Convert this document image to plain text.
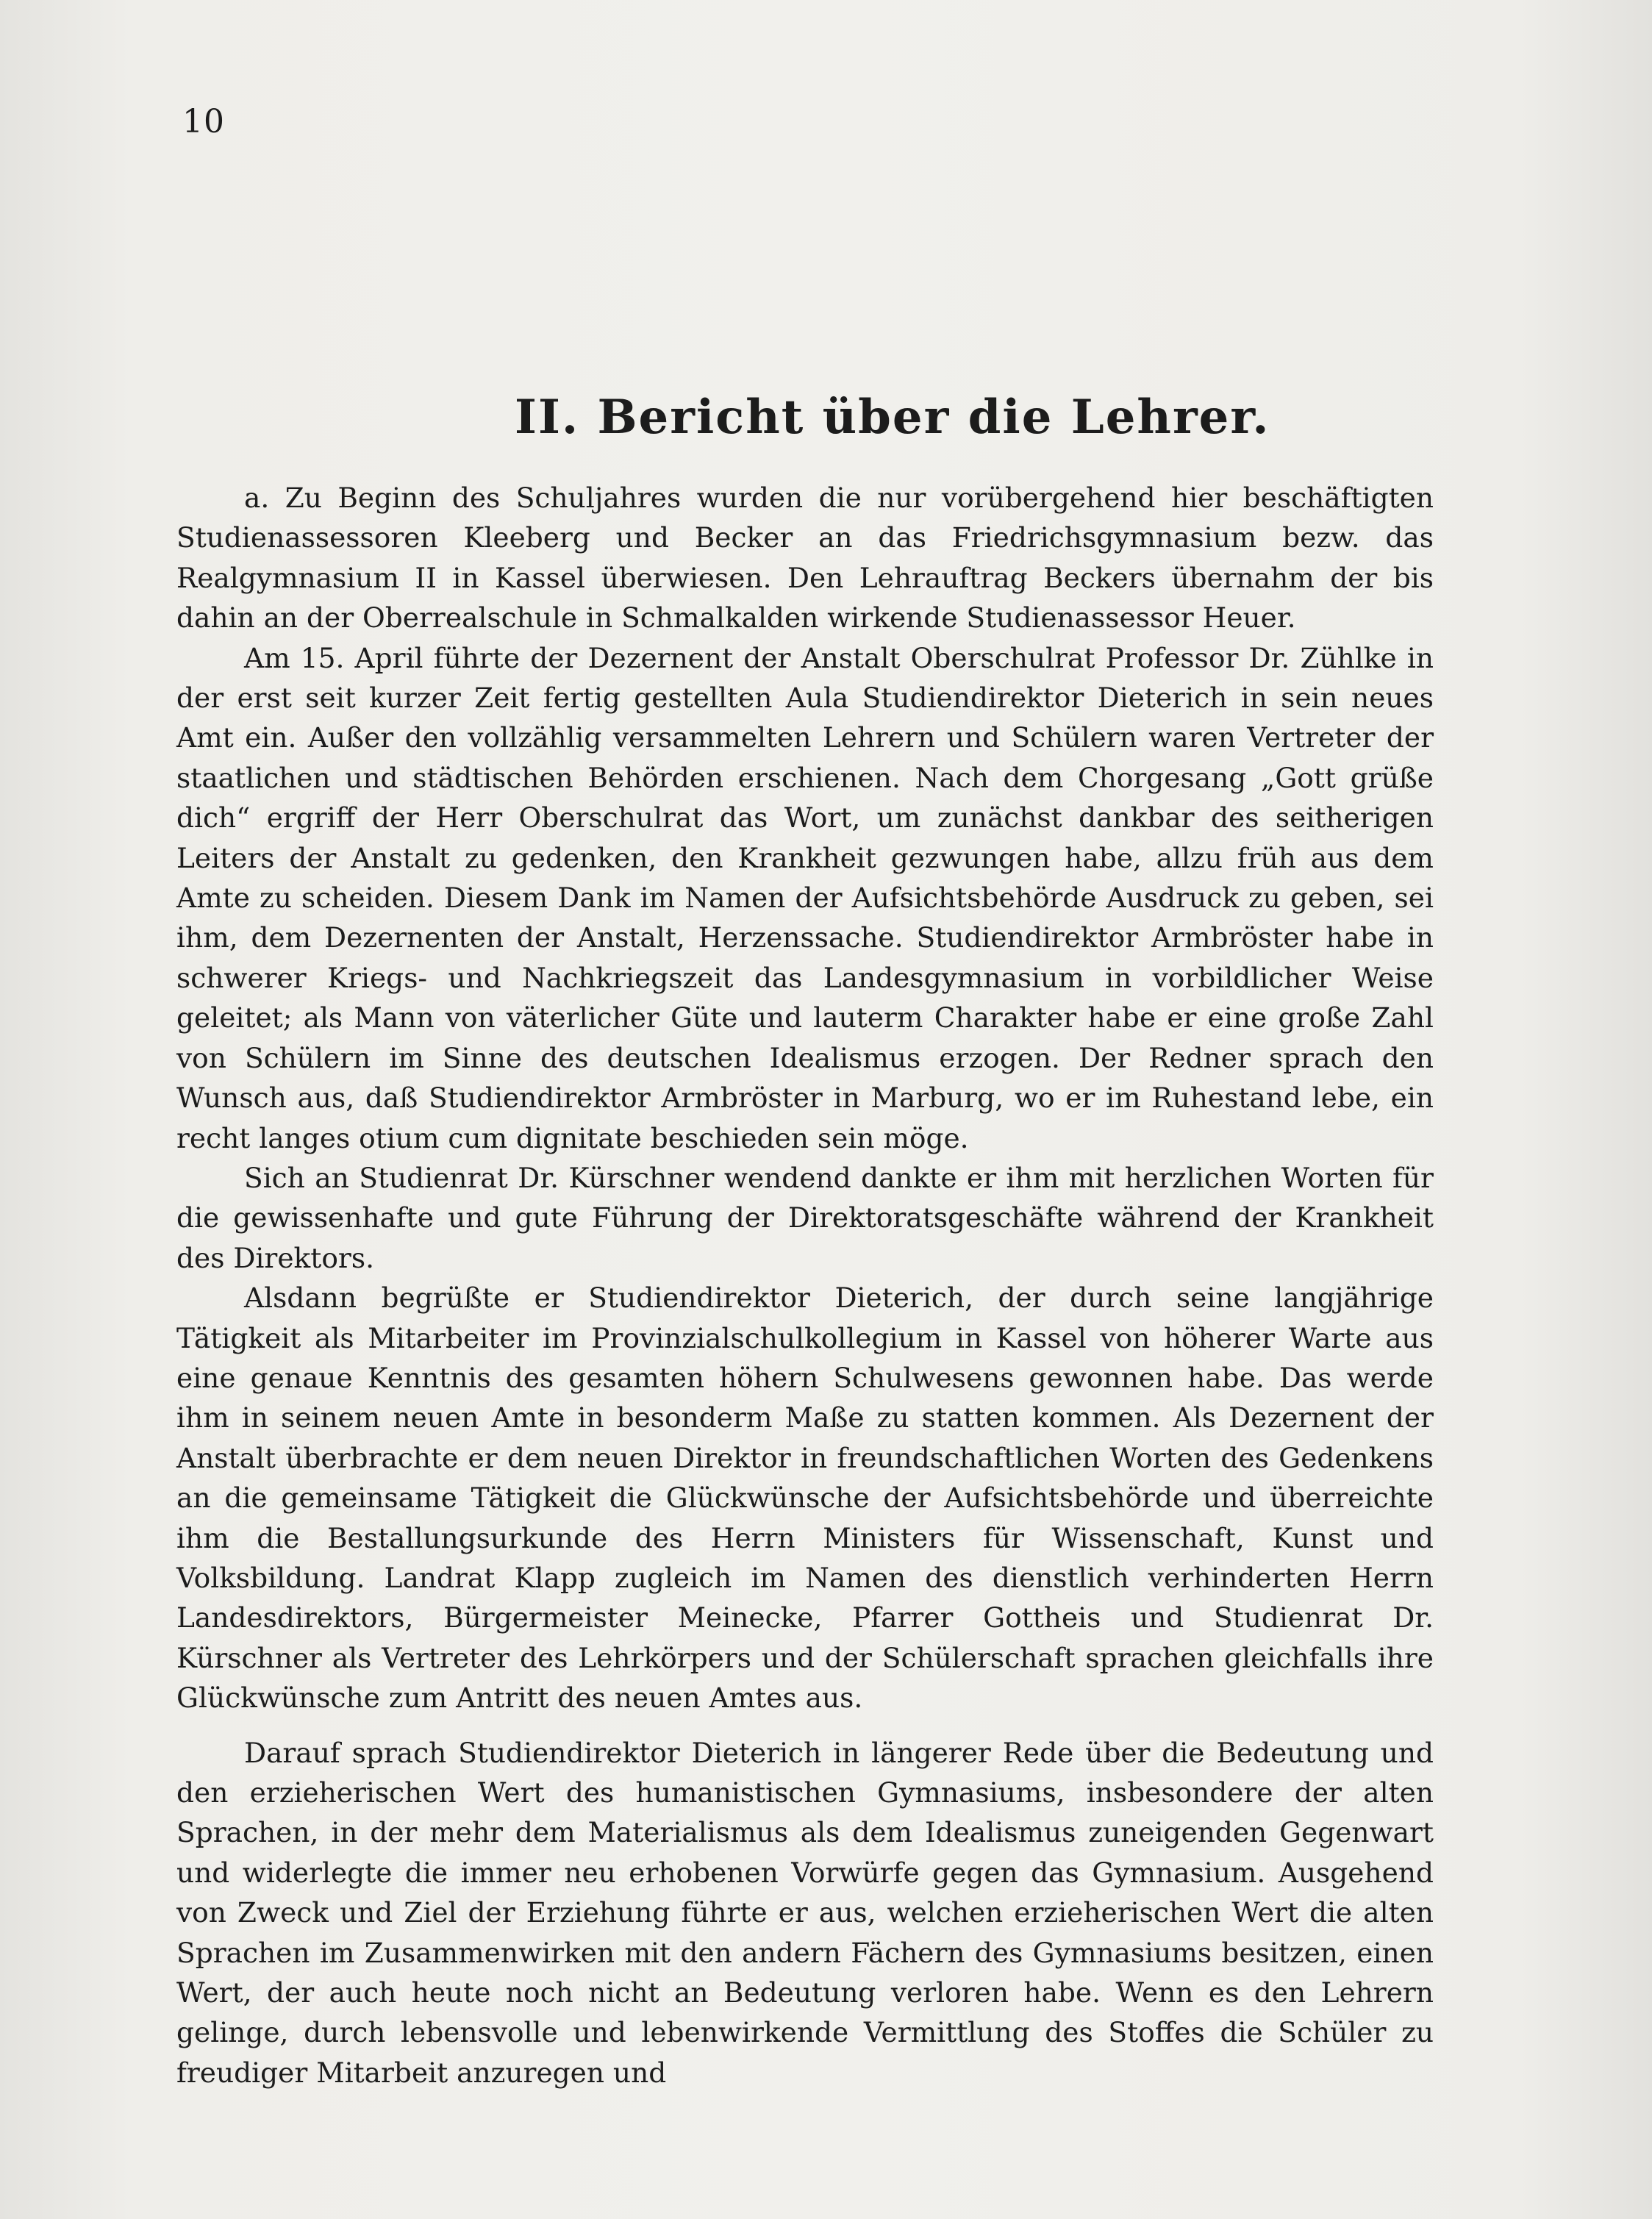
10
II. Bericht über die Lehrer.

a. Zu Beginn des Schuljahres wurden die nur vorübergehend hier beschäftigten Studienassessoren Kleeberg und Becker an das Friedrichsgymnasium bezw. das Realgymnasium II in Kassel überwiesen. Den Lehrauftrag Beckers übernahm der bis dahin an der Oberrealschule in Schmalkalden wirkende Studienassessor Heuer.

Am 15. April führte der Dezernent der Anstalt Oberschulrat Professor Dr. Zühlke in der erst seit kurzer Zeit fertig gestellten Aula Studiendirektor Dieterich in sein neues Amt ein. Außer den vollzählig versammelten Lehrern und Schülern waren Vertreter der staatlichen und städtischen Behörden erschienen. Nach dem Chorgesang „Gott grüße dich“ ergriff der Herr Oberschulrat das Wort, um zunächst dankbar des seitherigen Leiters der Anstalt zu gedenken, den Krankheit gezwungen habe, allzu früh aus dem Amte zu scheiden. Diesem Dank im Namen der Aufsichtsbehörde Ausdruck zu geben, sei ihm, dem Dezernenten der Anstalt, Herzenssache. Studiendirektor Armbröster habe in schwerer Kriegs- und Nachkriegszeit das Landesgymnasium in vorbildlicher Weise geleitet; als Mann von väterlicher Güte und lauterm Charakter habe er eine große Zahl von Schülern im Sinne des deutschen Idealismus erzogen. Der Redner sprach den Wunsch aus, daß Studiendirektor Armbröster in Marburg, wo er im Ruhestand lebe, ein recht langes otium cum dignitate beschieden sein möge.

Sich an Studienrat Dr. Kürschner wendend dankte er ihm mit herzlichen Worten für die gewissenhafte und gute Führung der Direktoratsgeschäfte während der Krankheit des Direktors.

Alsdann begrüßte er Studiendirektor Dieterich, der durch seine langjährige Tätigkeit als Mitarbeiter im Provinzialschulkollegium in Kassel von höherer Warte aus eine genaue Kenntnis des gesamten höhern Schulwesens gewonnen habe. Das werde ihm in seinem neuen Amte in besonderm Maße zu statten kommen. Als Dezernent der Anstalt überbrachte er dem neuen Direktor in freundschaftlichen Worten des Gedenkens an die gemeinsame Tätigkeit die Glückwünsche der Aufsichtsbehörde und überreichte ihm die Bestallungsurkunde des Herrn Ministers für Wissenschaft, Kunst und Volksbildung. Landrat Klapp zugleich im Namen des dienstlich verhinderten Herrn Landesdirektors, Bürgermeister Meinecke, Pfarrer Gottheis und Studienrat Dr. Kürschner als Vertreter des Lehrkörpers und der Schülerschaft sprachen gleichfalls ihre Glückwünsche zum Antritt des neuen Amtes aus.

Darauf sprach Studiendirektor Dieterich in längerer Rede über die Bedeutung und den erzieherischen Wert des humanistischen Gymnasiums, insbesondere der alten Sprachen, in der mehr dem Materialismus als dem Idealismus zuneigenden Gegenwart und widerlegte die immer neu erhobenen Vorwürfe gegen das Gymnasium. Ausgehend von Zweck und Ziel der Erziehung führte er aus, welchen erzieherischen Wert die alten Sprachen im Zusammenwirken mit den andern Fächern des Gymnasiums besitzen, einen Wert, der auch heute noch nicht an Bedeutung verloren habe. Wenn es den Lehrern gelinge, durch lebensvolle und lebenwirkende Vermittlung des Stoffes die Schüler zu freudiger Mitarbeit anzuregen und
